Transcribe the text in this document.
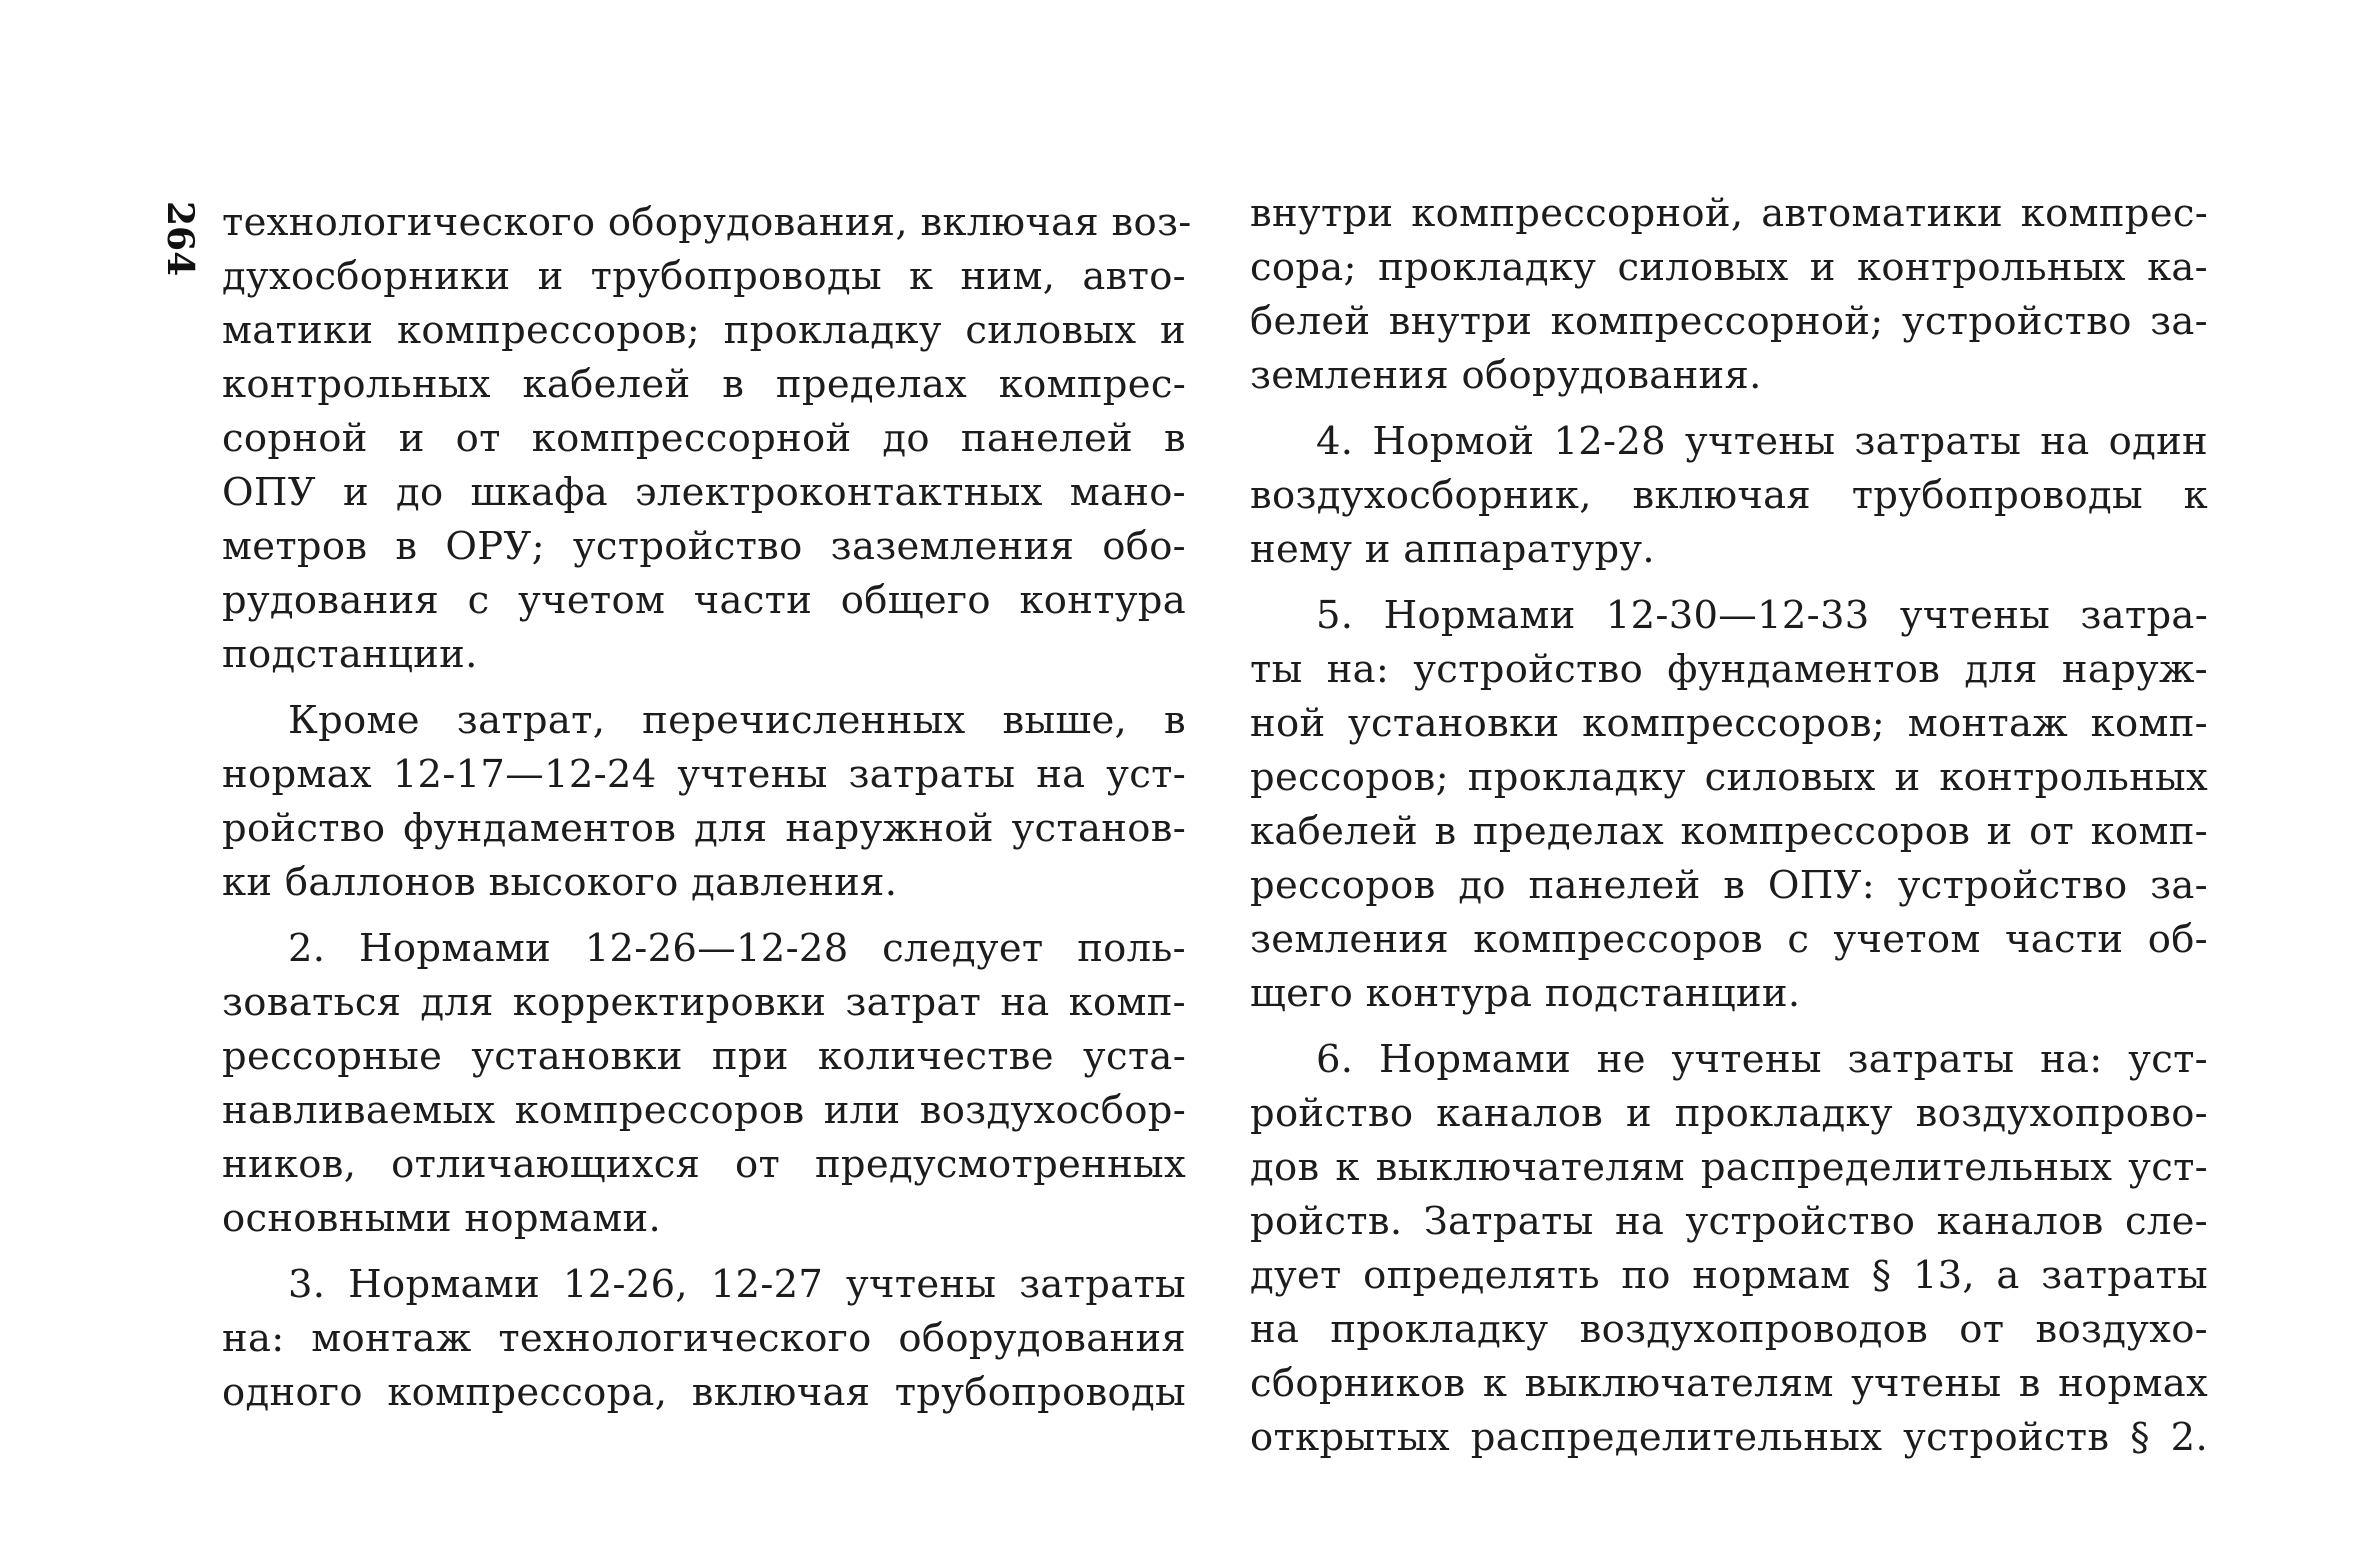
264 технологического оборудования, включая воз-
духосборники и трубопроводы к ним, авто-
матики компрессоров; прокладку силовых и
контрольных кабелей в пределах компрес-
сорной и от компрессорной до панелей в
ОПУ и до шкафа электроконтактных мано-
метров в ОРУ; устройство заземления обо-
рудования с учетом части общего контура
подстанции.
Кроме затрат, перечисленных выше, в
нормах 12-17—12-24 учтены затраты на уст-
ройство фундаментов для наружной установ-
ки баллонов высокого давления.
2. Нормами 12-26—12-28 следует поль-
зоваться для корректировки затрат на комп-
рессорные установки при количестве уста-
навливаемых компрессоров или воздухосбор-
ников, отличающихся от предусмотренных
основными нормами.
3. Нормами 12-26, 12-27 учтены затраты
на: монтаж технологического оборудования
одного компрессора, включая трубопроводы
внутри компрессорной, автоматики компрес-
сора; прокладку силовых и контрольных ка-
белей внутри компрессорной; устройство за-
земления оборудования.
4. Нормой 12-28 учтены затраты на один
воздухосборник, включая трубопроводы к
нему и аппаратуру.
5. Нормами 12-30—12-33 учтены затра-
ты на: устройство фундаментов для наруж-
ной установки компрессоров; монтаж комп-
рессоров; прокладку силовых и контрольных
кабелей в пределах компрессоров и от комп-
рессоров до панелей в ОПУ: устройство за-
земления компрессоров с учетом части об-
щего контура подстанции.
6. Нормами не учтены затраты на: уст-
ройство каналов и прокладку воздухопрово-
дов к выключателям распределительных уст-
ройств. Затраты на устройство каналов сле-
дует определять по нормам § 13, а затраты
на прокладку воздухопроводов от воздухо-
сборников к выключателям учтены в нормах
открытых распределительных устройств § 2.
